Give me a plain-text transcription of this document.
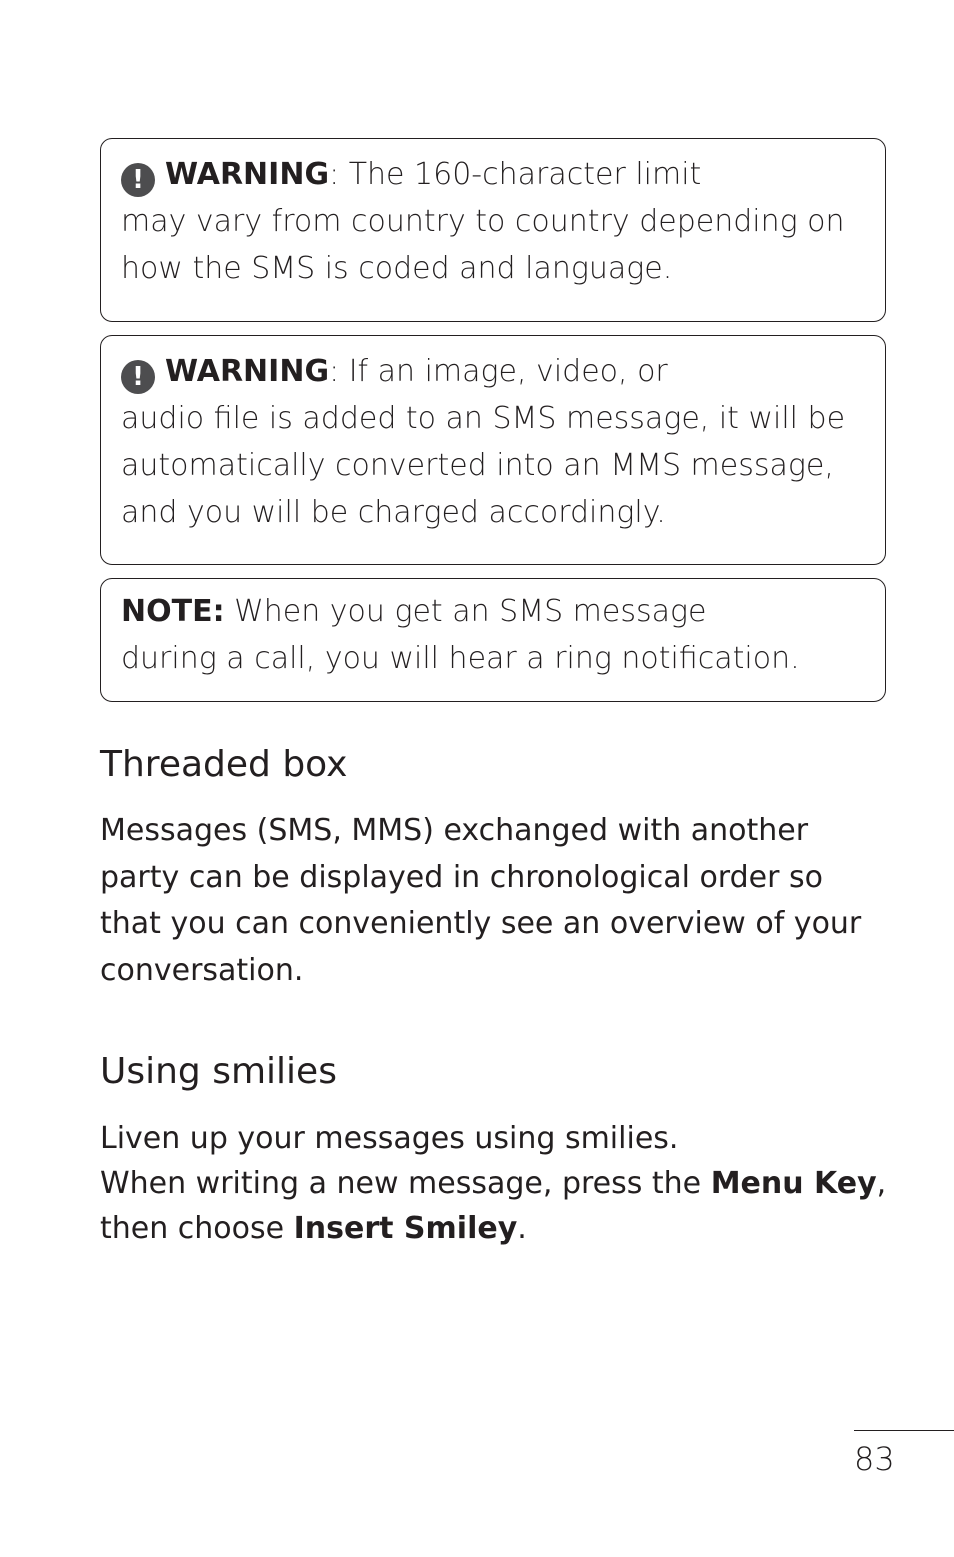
! WARNING: The 160-character limit
may vary from country to country depending on
how the SMS is coded and language.
! WARNING: If an image, video, or
audio file is added to an SMS message, it will be
automatically converted into an MMS message,
and you will be charged accordingly.
NOTE: When you get an SMS message
during a call, you will hear a ring notification.
Threaded box

Messages (SMS, MMS) exchanged with another
party can be displayed in chronological order so
that you can conveniently see an overview of your
conversation.

Using smilies

Liven up your messages using smilies.
When writing a new message, press the Menu Key,
then choose Insert Smiley.

83
